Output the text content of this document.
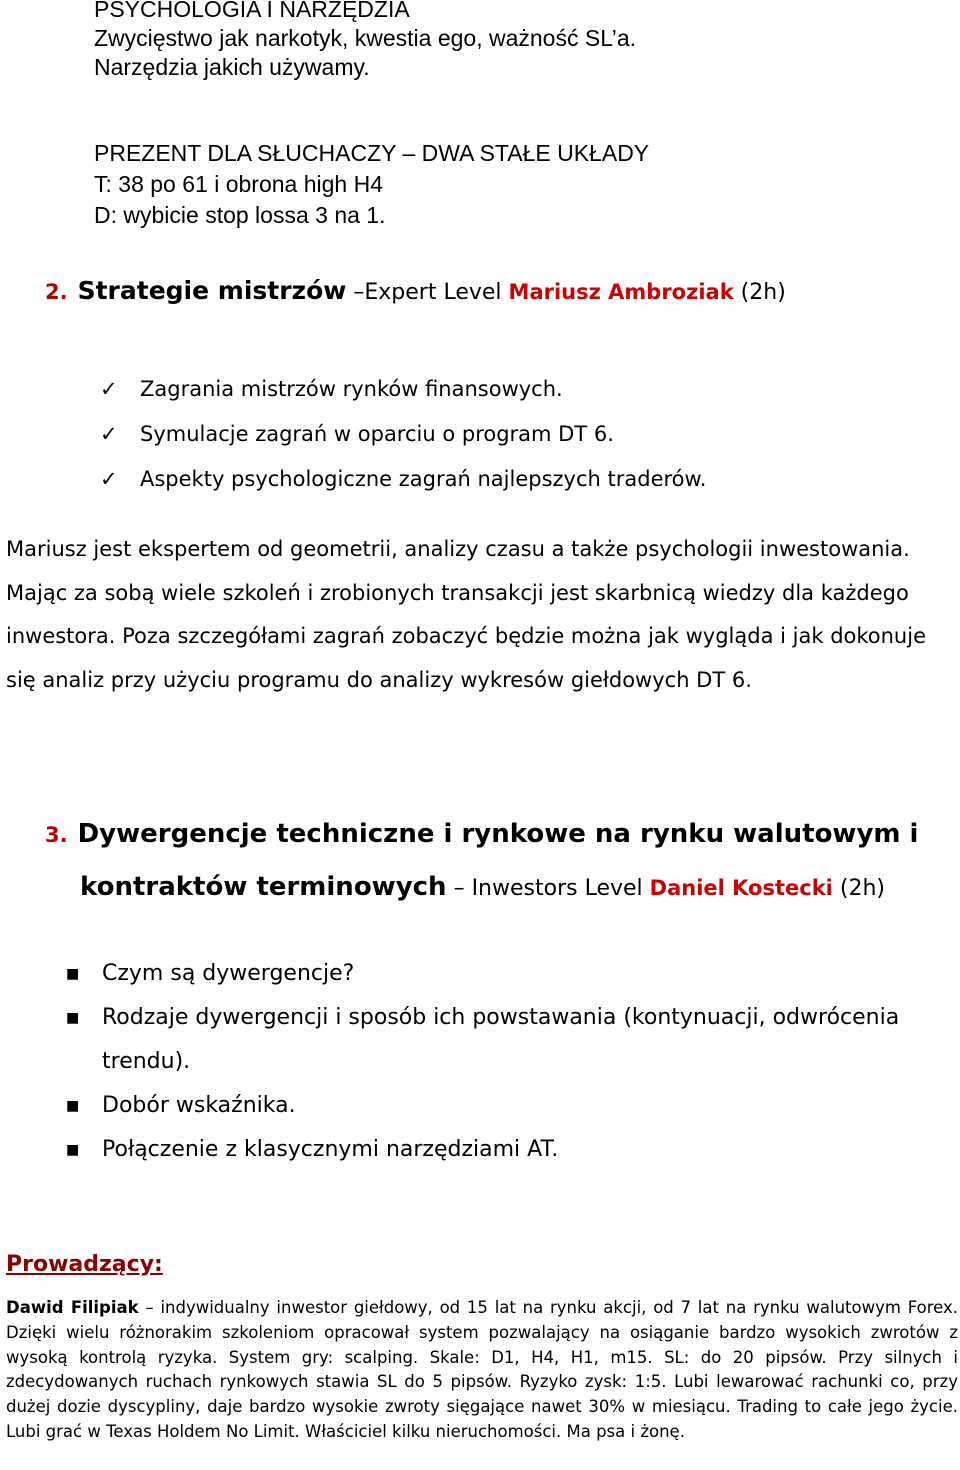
PSYCHOLOGIA I NARZĘDZIA
Zwycięstwo jak narkotyk, kwestia ego, ważność SL’a.
Narzędzia jakich używamy.
PREZENT DLA SŁUCHACZY – DWA STAŁE UKŁADY
T: 38 po 61 i obrona high H4
D: wybicie stop lossa 3 na 1.
2. Strategie mistrzów –Expert Level Mariusz Ambroziak (2h)
✓	Zagrania mistrzów rynków finansowych.
✓	Symulacje zagrań w oparciu o program DT 6.
✓	Aspekty psychologiczne zagrań najlepszych traderów.
Mariusz jest ekspertem od geometrii, analizy czasu a także psychologii inwestowania. Mając za sobą wiele szkoleń i zrobionych transakcji jest skarbnicą wiedzy dla każdego inwestora. Poza szczegółami zagrań zobaczyć będzie można jak wygląda i jak dokonuje się analiz przy użyciu programu do analizy wykresów giełdowych DT 6.
3. Dywergencje techniczne i rynkowe na rynku walutowym i
kontraktów terminowych – Inwestors Level Daniel Kostecki (2h)
■	Czym są dywergencje?
■	Rodzaje dywergencji i sposób ich powstawania (kontynuacji, odwrócenia trendu).
■	Dobór wskaźnika.
■	Połączenie z klasycznymi narzędziami AT.
Prowadzący:
Dawid Filipiak – indywidualny inwestor giełdowy, od 15 lat na rynku akcji, od 7 lat na rynku walutowym Forex. Dzięki wielu różnorakim szkoleniom opracował system pozwalający na osiąganie bardzo wysokich zwrotów z wysoką kontrolą ryzyka. System gry: scalping. Skale: D1, H4, H1, m15. SL: do 20 pipsów. Przy silnych i zdecydowanych ruchach rynkowych stawia SL do 5 pipsów. Ryzyko zysk: 1:5. Lubi lewarować rachunki co, przy dużej dozie dyscypliny, daje bardzo wysokie zwroty sięgające nawet 30% w miesiącu. Trading to całe jego życie. Lubi grać w Texas Holdem No Limit. Właściciel kilku nieruchomości. Ma psa i żonę.
